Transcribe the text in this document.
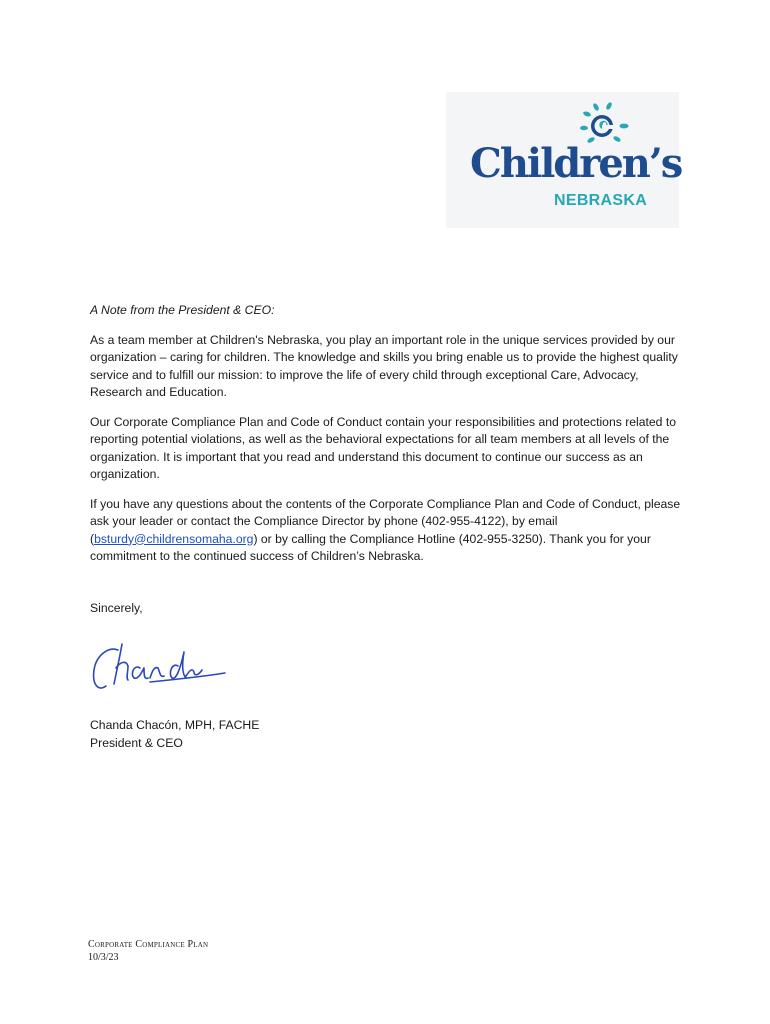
Children’s
NEBRASKA

A Note from the President & CEO:

As a team member at Children's Nebraska, you play an important role in the unique services provided by our organization – caring for children. The knowledge and skills you bring enable us to provide the highest quality service and to fulfill our mission: to improve the life of every child through exceptional Care, Advocacy, Research and Education.

Our Corporate Compliance Plan and Code of Conduct contain your responsibilities and protections related to reporting potential violations, as well as the behavioral expectations for all team members at all levels of the organization. It is important that you read and understand this document to continue our success as an organization.

If you have any questions about the contents of the Corporate Compliance Plan and Code of Conduct, please ask your leader or contact the Compliance Director by phone (402-955-4122), by email (bsturdy@childrensomaha.org) or by calling the Compliance Hotline (402-955-3250). Thank you for your commitment to the continued success of Children’s Nebraska.

Sincerely,

Chanda Chacón, MPH, FACHE
President & CEO
Corporate Compliance Plan
10/3/23
